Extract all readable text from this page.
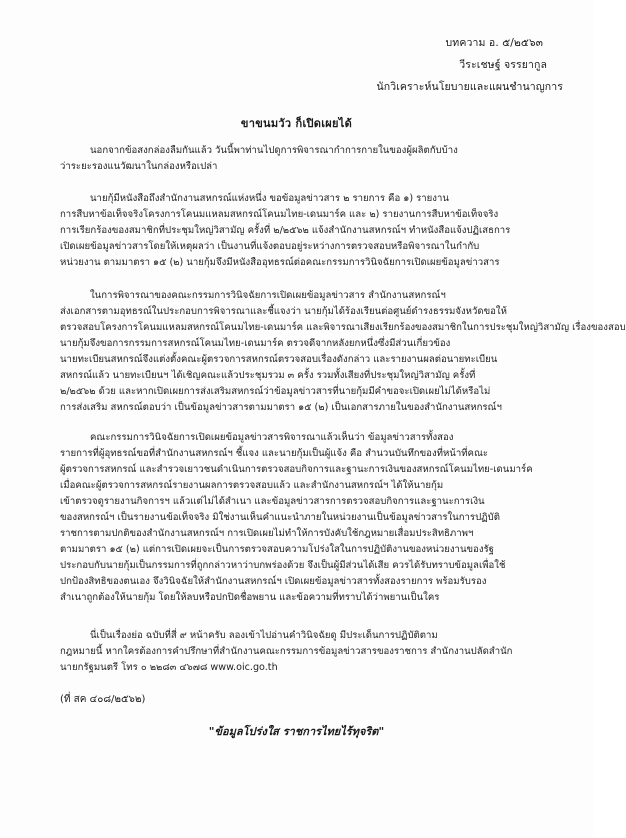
บทความ อ. ๕/๒๕๖๓
วีระเชษฐ์ จรรยากูล
นักวิเคราะห์นโยบายและแผนชำนาญการ
ขาขนมวัว ก็เปิดเผยได้
นอกจากข้อสงกล่องลืมกันแล้ว วันนี้พาท่านไปดูการพิจารณากำการกายในของผู้ผลิตกับบ้าง
ว่าระยะรองแนวัฒนาในกล่องหรือเปล่า
นายกุ้มีหนังสือถึงสำนักงานสหกรณ์แห่งหนึ่ง ขอข้อมูลข่าวสาร ๒ รายการ คือ ๑) รายงาน
การสืบหาข้อเท็จจริงโครงการโคนมแหลมสหกรณ์โคนมไทย-เดนมาร์ค และ ๒) รายงานการสืบหาข้อเท็จจริง
การเรียกร้องของสมาชิกที่ประชุมใหญ่วิสามัญ ครั้งที่ ๒/๒๕๖๒ แจ้งสำนักงานสหกรณ์ฯ ทำหนังสือแจ้งปฏิเสธการ
เปิดเผยข้อมูลข่าวสารโดยให้เหตุผลว่า เป็นงานที่แจ้งตอบอยู่ระหว่างการตรวจสอบหรือพิจารณาในกำกับ
หน่วยงาน ตามมาตรา ๑๕ (๒) นายกุ้มจึงมีหนังสืออุทธรณ์ต่อคณะกรรมการวินิจฉัยการเปิดเผยข้อมูลข่าวสาร
ในการพิจารณาของคณะกรรมการวินิจฉัยการเปิดเผยข้อมูลข่าวสาร สำนักงานสหกรณ์ฯ
ส่งเอกสารตามอุทธรณ์ในประกอบการพิจารณาและชี้แจงว่า นายกุ้มได้ร้องเรียนต่อศูนย์ดำรงธรรมจังหวัดขอให้
ตรวจสอบโครงการโคนมแหลมสหกรณ์โคนมไทย-เดนมาร์ค และพิจารณาเสียงเรียกร้องของสมาชิกในการประชุมใหญ่วิสามัญ เรื่องของสอบ
นายกุ้มจึงขอการกรรมการสหกรณ์โคนมไทย-เดนมาร์ค ตรวจดีจากหลังยกหนึ่งซึ่งมีส่วนเกี่ยวข้อง
นายทะเบียนสหกรณ์จึงแต่งตั้งคณะผู้ตรวจการสหกรณ์ตรวจสอบเรื่องดังกล่าว และรายงานผลต่อนายทะเบียน
สหกรณ์แล้ว นายทะเบียนฯ ได้เชิญคณะแล้วประชุมรวม ๓ ครั้ง รวมทั้งเสียงที่ประชุมใหญ่วิสามัญ ครั้งที่
๒/๒๕๖๒ ด้วย และหากเปิดเผยการส่งเสริมสหกรณ์ว่าข้อมูลข่าวสารที่นายกุ้มมีคำขอจะเปิดเผยไม่ได้หรือไม่
การส่งเสริม สหกรณ์ตอบว่า เป็นข้อมูลข่าวสารตามมาตรา ๑๕ (๒) เป็นเอกสารภายในของสำนักงานสหกรณ์ฯ
คณะกรรมการวินิจฉัยการเปิดเผยข้อมูลข่าวสารพิจารณาแล้วเห็นว่า ข้อมูลข่าวสารทั้งสอง
รายการที่ผู้อุทธรณ์ขอที่สำนักงานสหกรณ์ฯ ชี้แจง และนายกุ้มเป็นผู้แจ้ง คือ สำนวนบันทึกของที่หน้าที่คณะ
ผู้ตรวจการสหกรณ์ และสำรวจเยาวชนดำเนินการตรวจสอบกิจการและฐานะการเงินของสหกรณ์โคนมไทย-เดนมาร์ค
เมื่อคณะผู้ตรวจการสหกรณ์รายงานผลการตรวจสอบแล้ว และสำนักงานสหกรณ์ฯ ได้ให้นายกุ้ม
เข้าตรวจดูรายงานกิจการฯ แล้วแต่ไม่ได้สำเนา และข้อมูลข่าวสารการตรวจสอบกิจการและฐานะการเงิน
ของสหกรณ์ฯ เป็นรายงานข้อเท็จจริง มิใช่งานเห็นคำแนะนำภายในหน่วยงานเป็นข้อมูลข่าวสารในการปฏิบัติ
ราชการตามปกติของสำนักงานสหกรณ์ฯ การเปิดเผยไม่ทำให้การบังคับใช้กฎหมายเสื่อมประสิทธิภาพฯ
ตามมาตรา ๑๕ (๒) แต่การเปิดเผยจะเป็นการตรวจสอบความโปร่งใสในการปฏิบัติงานของหน่วยงานของรัฐ
ประกอบกับนายกุ้มเป็นกรรมการที่ถูกกล่าวหาว่าบกพร่องด้วย จึงเป็นผู้มีส่วนได้เสีย ควรได้รับทราบข้อมูลเพื่อใช้
ปกป้องสิทธิของตนเอง จึงวินิจฉัยให้สำนักงานสหกรณ์ฯ เปิดเผยข้อมูลข่าวสารทั้งสองรายการ พร้อมรับรอง
สำเนาถูกต้องให้นายกุ้ม โดยให้ลบหรือปกปิดชื่อพยาน และข้อความที่ทราบได้ว่าพยานเป็นใคร
นี่เป็นเรื่องย่อ ฉบับที่สี่ ๙ หน้าครับ ลองเข้าไปอ่านคำวินิจฉัยดู มีประเด็นการปฏิบัติตาม
กฎหมายนี้ หากใครต้องการคำปรึกษาที่สำนักงานคณะกรรมการข้อมูลข่าวสารของราชการ สำนักงานปลัดสำนัก
นายกรัฐมนตรี โทร ๐ ๒๒๘๓ ๔๖๗๘ www.oic.go.th
(ที่ สค ๔๐๘/๒๕๖๒)
"ข้อมูลโปร่งใส ราชการไทยไร้ทุจริต"
